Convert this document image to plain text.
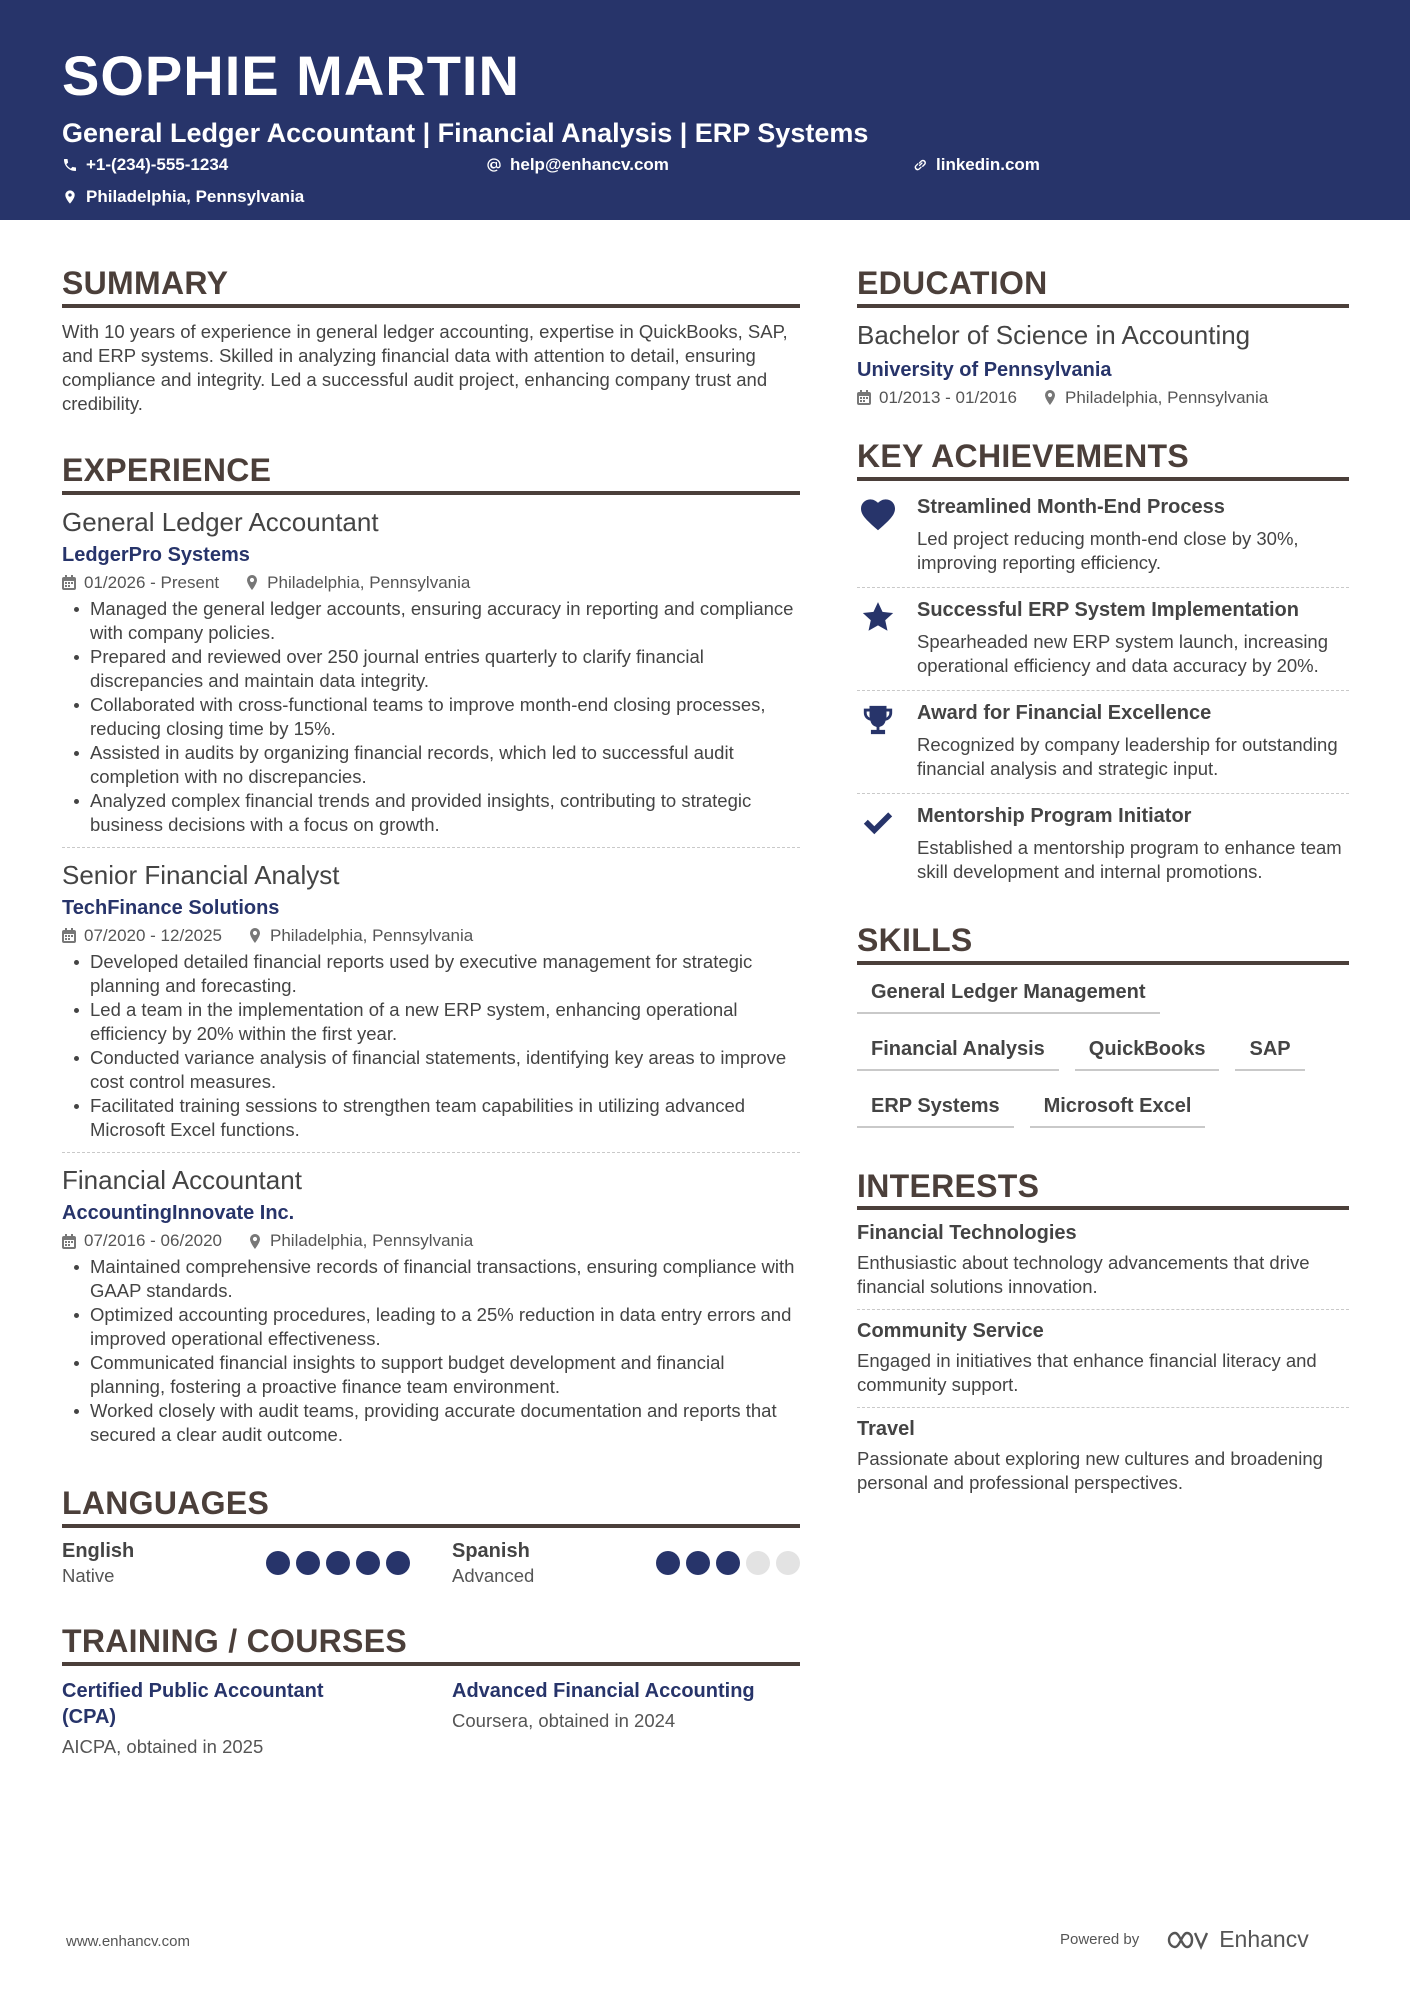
SOPHIE MARTIN
General Ledger Accountant | Financial Analysis | ERP Systems
+1-(234)-555-1234	help@enhancv.com	linkedin.com
Philadelphia, Pennsylvania
SUMMARY
With 10 years of experience in general ledger accounting, expertise in QuickBooks, SAP, and ERP systems. Skilled in analyzing financial data with attention to detail, ensuring compliance and integrity. Led a successful audit project, enhancing company trust and credibility.
EXPERIENCE
General Ledger Accountant
LedgerPro Systems
01/2026 - Present	Philadelphia, Pennsylvania
Managed the general ledger accounts, ensuring accuracy in reporting and compliance with company policies.
Prepared and reviewed over 250 journal entries quarterly to clarify financial discrepancies and maintain data integrity.
Collaborated with cross-functional teams to improve month-end closing processes, reducing closing time by 15%.
Assisted in audits by organizing financial records, which led to successful audit completion with no discrepancies.
Analyzed complex financial trends and provided insights, contributing to strategic business decisions with a focus on growth.
Senior Financial Analyst
TechFinance Solutions
07/2020 - 12/2025	Philadelphia, Pennsylvania
Developed detailed financial reports used by executive management for strategic planning and forecasting.
Led a team in the implementation of a new ERP system, enhancing operational efficiency by 20% within the first year.
Conducted variance analysis of financial statements, identifying key areas to improve cost control measures.
Facilitated training sessions to strengthen team capabilities in utilizing advanced Microsoft Excel functions.
Financial Accountant
AccountingInnovate Inc.
07/2016 - 06/2020	Philadelphia, Pennsylvania
Maintained comprehensive records of financial transactions, ensuring compliance with GAAP standards.
Optimized accounting procedures, leading to a 25% reduction in data entry errors and improved operational effectiveness.
Communicated financial insights to support budget development and financial planning, fostering a proactive finance team environment.
Worked closely with audit teams, providing accurate documentation and reports that secured a clear audit outcome.
LANGUAGES
English
Native
Spanish
Advanced
TRAINING / COURSES
Certified Public Accountant (CPA)
AICPA, obtained in 2025
Advanced Financial Accounting
Coursera, obtained in 2024
EDUCATION
Bachelor of Science in Accounting
University of Pennsylvania
01/2013 - 01/2016	Philadelphia, Pennsylvania
KEY ACHIEVEMENTS
Streamlined Month-End Process
Led project reducing month-end close by 30%, improving reporting efficiency.
Successful ERP System Implementation
Spearheaded new ERP system launch, increasing operational efficiency and data accuracy by 20%.
Award for Financial Excellence
Recognized by company leadership for outstanding financial analysis and strategic input.
Mentorship Program Initiator
Established a mentorship program to enhance team skill development and internal promotions.
SKILLS
General Ledger Management
Financial Analysis	QuickBooks	SAP
ERP Systems	Microsoft Excel
INTERESTS
Financial Technologies
Enthusiastic about technology advancements that drive financial solutions innovation.
Community Service
Engaged in initiatives that enhance financial literacy and community support.
Travel
Passionate about exploring new cultures and broadening personal and professional perspectives.
www.enhancv.com	Powered by	Enhancv
